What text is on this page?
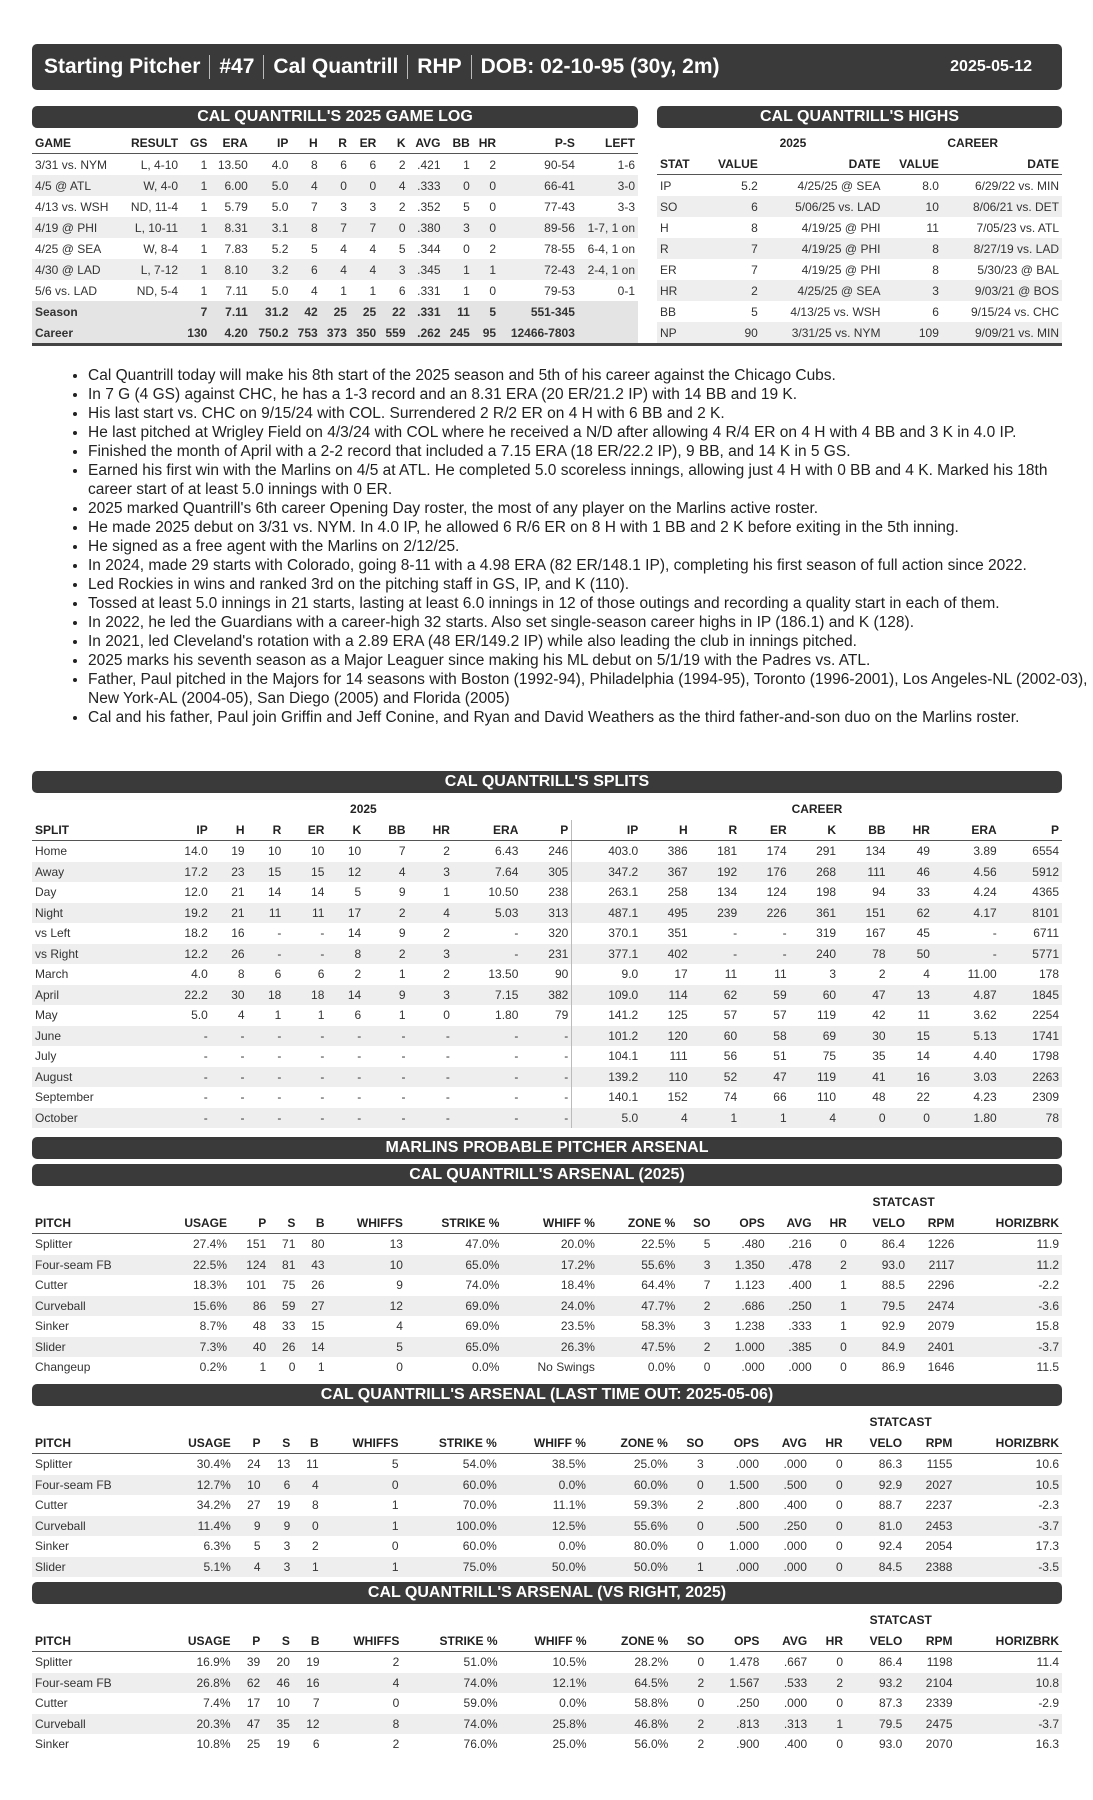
Starting Pitcher #47 Cal Quantrill RHP DOB: 02-10-95 (30y, 2m)	2025-05-12
CAL QUANTRILL'S 2025 GAME LOG
GAME	RESULT	GS	ERA	IP	H	R	ER	K	AVG	BB	HR	P-S	LEFT
3/31 vs. NYM	L, 4-10	1	13.50	4.0	8	6	6	2	.421	1	2	90-54	1-6
4/5 @ ATL	W, 4-0	1	6.00	5.0	4	0	0	4	.333	0	0	66-41	3-0
4/13 vs. WSH	ND, 11-4	1	5.79	5.0	7	3	3	2	.352	5	0	77-43	3-3
4/19 @ PHI	L, 10-11	1	8.31	3.1	8	7	7	0	.380	3	0	89-56	1-7, 1 on
4/25 @ SEA	W, 8-4	1	7.83	5.2	5	4	4	5	.344	0	2	78-55	6-4, 1 on
4/30 @ LAD	L, 7-12	1	8.10	3.2	6	4	4	3	.345	1	1	72-43	2-4, 1 on
5/6 vs. LAD	ND, 5-4	1	7.11	5.0	4	1	1	6	.331	1	0	79-53	0-1
Season		7	7.11	31.2	42	25	25	22	.331	11	5	551-345	
Career		130	4.20	750.2	753	373	350	559	.262	245	95	12466-7803	
CAL QUANTRILL'S HIGHS
	2025		CAREER	
STAT	VALUE	DATE	VALUE	DATE
IP	5.2	4/25/25 @ SEA	8.0	6/29/22 vs. MIN
SO	6	5/06/25 vs. LAD	10	8/06/21 vs. DET
H	8	4/19/25 @ PHI	11	7/05/23 vs. ATL
R	7	4/19/25 @ PHI	8	8/27/19 vs. LAD
ER	7	4/19/25 @ PHI	8	5/30/23 @ BAL
HR	2	4/25/25 @ SEA	3	9/03/21 @ BOS
BB	5	4/13/25 vs. WSH	6	9/15/24 vs. CHC
NP	90	3/31/25 vs. NYM	109	9/09/21 vs. MIN
• Cal Quantrill today will make his 8th start of the 2025 season and 5th of his career against the Chicago Cubs.
• In 7 G (4 GS) against CHC, he has a 1-3 record and an 8.31 ERA (20 ER/21.2 IP) with 14 BB and 19 K.
• His last start vs. CHC on 9/15/24 with COL. Surrendered 2 R/2 ER on 4 H with 6 BB and 2 K.
• He last pitched at Wrigley Field on 4/3/24 with COL where he received a N/D after allowing 4 R/4 ER on 4 H with 4 BB and 3 K in 4.0 IP.
• Finished the month of April with a 2-2 record that included a 7.15 ERA (18 ER/22.2 IP), 9 BB, and 14 K in 5 GS.
• Earned his first win with the Marlins on 4/5 at ATL. He completed 5.0 scoreless innings, allowing just 4 H with 0 BB and 4 K. Marked his 18th career start of at least 5.0 innings with 0 ER.
• 2025 marked Quantrill's 6th career Opening Day roster, the most of any player on the Marlins active roster.
• He made 2025 debut on 3/31 vs. NYM. In 4.0 IP, he allowed 6 R/6 ER on 8 H with 1 BB and 2 K before exiting in the 5th inning.
• He signed as a free agent with the Marlins on 2/12/25.
• In 2024, made 29 starts with Colorado, going 8-11 with a 4.98 ERA (82 ER/148.1 IP), completing his first season of full action since 2022.
• Led Rockies in wins and ranked 3rd on the pitching staff in GS, IP, and K (110).
• Tossed at least 5.0 innings in 21 starts, lasting at least 6.0 innings in 12 of those outings and recording a quality start in each of them.
• In 2022, he led the Guardians with a career-high 32 starts. Also set single-season career highs in IP (186.1) and K (128).
• In 2021, led Cleveland's rotation with a 2.89 ERA (48 ER/149.2 IP) while also leading the club in innings pitched.
• 2025 marks his seventh season as a Major Leaguer since making his ML debut on 5/1/19 with the Padres vs. ATL.
• Father, Paul pitched in the Majors for 14 seasons with Boston (1992-94), Philadelphia (1994-95), Toronto (1996-2001), Los Angeles-NL (2002-03), New York-AL (2004-05), San Diego (2005) and Florida (2005)
• Cal and his father, Paul join Griffin and Jeff Conine, and Ryan and David Weathers as the third father-and-son duo on the Marlins roster.
CAL QUANTRILL'S SPLITS
	2025									CAREER								
SPLIT	IP	H	R	ER	K	BB	HR	ERA	P	IP	H	R	ER	K	BB	HR	ERA	P
Home	14.0	19	10	10	10	7	2	6.43	246	403.0	386	181	174	291	134	49	3.89	6554
Away	17.2	23	15	15	12	4	3	7.64	305	347.2	367	192	176	268	111	46	4.56	5912
Day	12.0	21	14	14	5	9	1	10.50	238	263.1	258	134	124	198	94	33	4.24	4365
Night	19.2	21	11	11	17	2	4	5.03	313	487.1	495	239	226	361	151	62	4.17	8101
vs Left	18.2	16	-	-	14	9	2	-	320	370.1	351	-	-	319	167	45	-	6711
vs Right	12.2	26	-	-	8	2	3	-	231	377.1	402	-	-	240	78	50	-	5771
March	4.0	8	6	6	2	1	2	13.50	90	9.0	17	11	11	3	2	4	11.00	178
April	22.2	30	18	18	14	9	3	7.15	382	109.0	114	62	59	60	47	13	4.87	1845
May	5.0	4	1	1	6	1	0	1.80	79	141.2	125	57	57	119	42	11	3.62	2254
June	-	-	-	-	-	-	-	-	-	101.2	120	60	58	69	30	15	5.13	1741
July	-	-	-	-	-	-	-	-	-	104.1	111	56	51	75	35	14	4.40	1798
August	-	-	-	-	-	-	-	-	-	139.2	110	52	47	119	41	16	3.03	2263
September	-	-	-	-	-	-	-	-	-	140.1	152	74	66	110	48	22	4.23	2309
October	-	-	-	-	-	-	-	-	-	5.0	4	1	1	4	0	0	1.80	78
MARLINS PROBABLE PITCHER ARSENAL
CAL QUANTRILL'S ARSENAL (2025)
													STATCAST		
PITCH	USAGE	P	S	B	WHIFFS	STRIKE %	WHIFF %	ZONE %	SO	OPS	AVG	HR	VELO	RPM	HORIZBRK
Splitter	27.4%	151	71	80	13	47.0%	20.0%	22.5%	5	.480	.216	0	86.4	1226	11.9
Four-seam FB	22.5%	124	81	43	10	65.0%	17.2%	55.6%	3	1.350	.478	2	93.0	2117	11.2
Cutter	18.3%	101	75	26	9	74.0%	18.4%	64.4%	7	1.123	.400	1	88.5	2296	-2.2
Curveball	15.6%	86	59	27	12	69.0%	24.0%	47.7%	2	.686	.250	1	79.5	2474	-3.6
Sinker	8.7%	48	33	15	4	69.0%	23.5%	58.3%	3	1.238	.333	1	92.9	2079	15.8
Slider	7.3%	40	26	14	5	65.0%	26.3%	47.5%	2	1.000	.385	0	84.9	2401	-3.7
Changeup	0.2%	1	0	1	0	0.0%	No Swings	0.0%	0	.000	.000	0	86.9	1646	11.5
CAL QUANTRILL'S ARSENAL (LAST TIME OUT: 2025-05-06)
													STATCAST		
PITCH	USAGE	P	S	B	WHIFFS	STRIKE %	WHIFF %	ZONE %	SO	OPS	AVG	HR	VELO	RPM	HORIZBRK
Splitter	30.4%	24	13	11	5	54.0%	38.5%	25.0%	3	.000	.000	0	86.3	1155	10.6
Four-seam FB	12.7%	10	6	4	0	60.0%	0.0%	60.0%	0	1.500	.500	0	92.9	2027	10.5
Cutter	34.2%	27	19	8	1	70.0%	11.1%	59.3%	2	.800	.400	0	88.7	2237	-2.3
Curveball	11.4%	9	9	0	1	100.0%	12.5%	55.6%	0	.500	.250	0	81.0	2453	-3.7
Sinker	6.3%	5	3	2	0	60.0%	0.0%	80.0%	0	1.000	.000	0	92.4	2054	17.3
Slider	5.1%	4	3	1	1	75.0%	50.0%	50.0%	1	.000	.000	0	84.5	2388	-3.5
CAL QUANTRILL'S ARSENAL (VS RIGHT, 2025)
													STATCAST		
PITCH	USAGE	P	S	B	WHIFFS	STRIKE %	WHIFF %	ZONE %	SO	OPS	AVG	HR	VELO	RPM	HORIZBRK
Splitter	16.9%	39	20	19	2	51.0%	10.5%	28.2%	0	1.478	.667	0	86.4	1198	11.4
Four-seam FB	26.8%	62	46	16	4	74.0%	12.1%	64.5%	2	1.567	.533	2	93.2	2104	10.8
Cutter	7.4%	17	10	7	0	59.0%	0.0%	58.8%	0	.250	.000	0	87.3	2339	-2.9
Curveball	20.3%	47	35	12	8	74.0%	25.8%	46.8%	2	.813	.313	1	79.5	2475	-3.7
Sinker	10.8%	25	19	6	2	76.0%	25.0%	56.0%	2	.900	.400	0	93.0	2070	16.3
